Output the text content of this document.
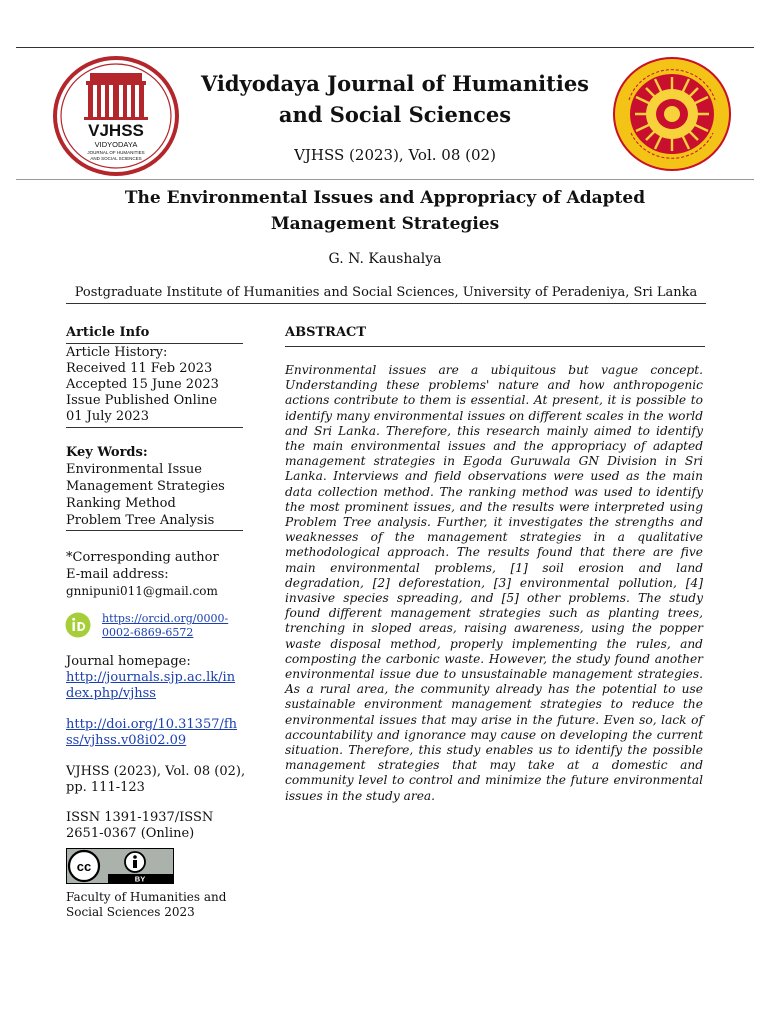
VJHSS
VIDYODAYA
JOURNAL OF HUMANITIES
AND SOCIAL SCIENCES
Vidyodaya Journal of Humanities and Social Sciences
VJHSS (2023), Vol. 08 (02)
The Environmental Issues and Appropriacy of Adapted Management Strategies
G. N. Kaushalya
Postgraduate Institute of Humanities and Social Sciences, University of Peradeniya, Sri Lanka
Article Info
Article History:
Received 11 Feb 2023
Accepted 15 June 2023
Issue Published Online
01 July 2023
Key Words:
Environmental Issue
Management Strategies
Ranking Method
Problem Tree Analysis
*Corresponding author
E-mail address:
gnnipuni011@gmail.com
https://orcid.org/0000-
0002-6869-6572
Journal homepage:
http://journals.sjp.ac.lk/in
dex.php/vjhss
http://doi.org/10.31357/fh
ss/vjhss.v08i02.09
VJHSS (2023), Vol. 08 (02),
pp. 111-123
ISSN 1391-1937/ISSN
2651-0367 (Online)
cc
BY
Faculty of Humanities and
Social Sciences 2023
ABSTRACT
Environmental issues are a ubiquitous but vague concept. Understanding these problems' nature and how anthropogenic actions contribute to them is essential. At present, it is possible to identify many environmental issues on different scales in the world and Sri Lanka. Therefore, this research mainly aimed to identify the main environmental issues and the appropriacy of adapted management strategies in Egoda Guruwala GN Division in Sri Lanka. Interviews and field observations were used as the main data collection method. The ranking method was used to identify the most prominent issues, and the results were interpreted using Problem Tree analysis. Further, it investigates the strengths and weaknesses of the management strategies in a qualitative methodological approach. The results found that there are five main environmental problems, [1] soil erosion and land degradation, [2] deforestation, [3] environmental pollution, [4] invasive species spreading, and [5] other problems. The study found different management strategies such as planting trees, trenching in sloped areas, raising awareness, using the popper waste disposal method, properly implementing the rules, and composting the carbonic waste. However, the study found another environmental issue due to unsustainable management strategies. As a rural area, the community already has the potential to use sustainable environment management strategies to reduce the environmental issues that may arise in the future. Even so, lack of accountability and ignorance may cause on developing the current situation. Therefore, this study enables us to identify the possible management strategies that may take at a domestic and community level to control and minimize the future environmental issues in the study area.
